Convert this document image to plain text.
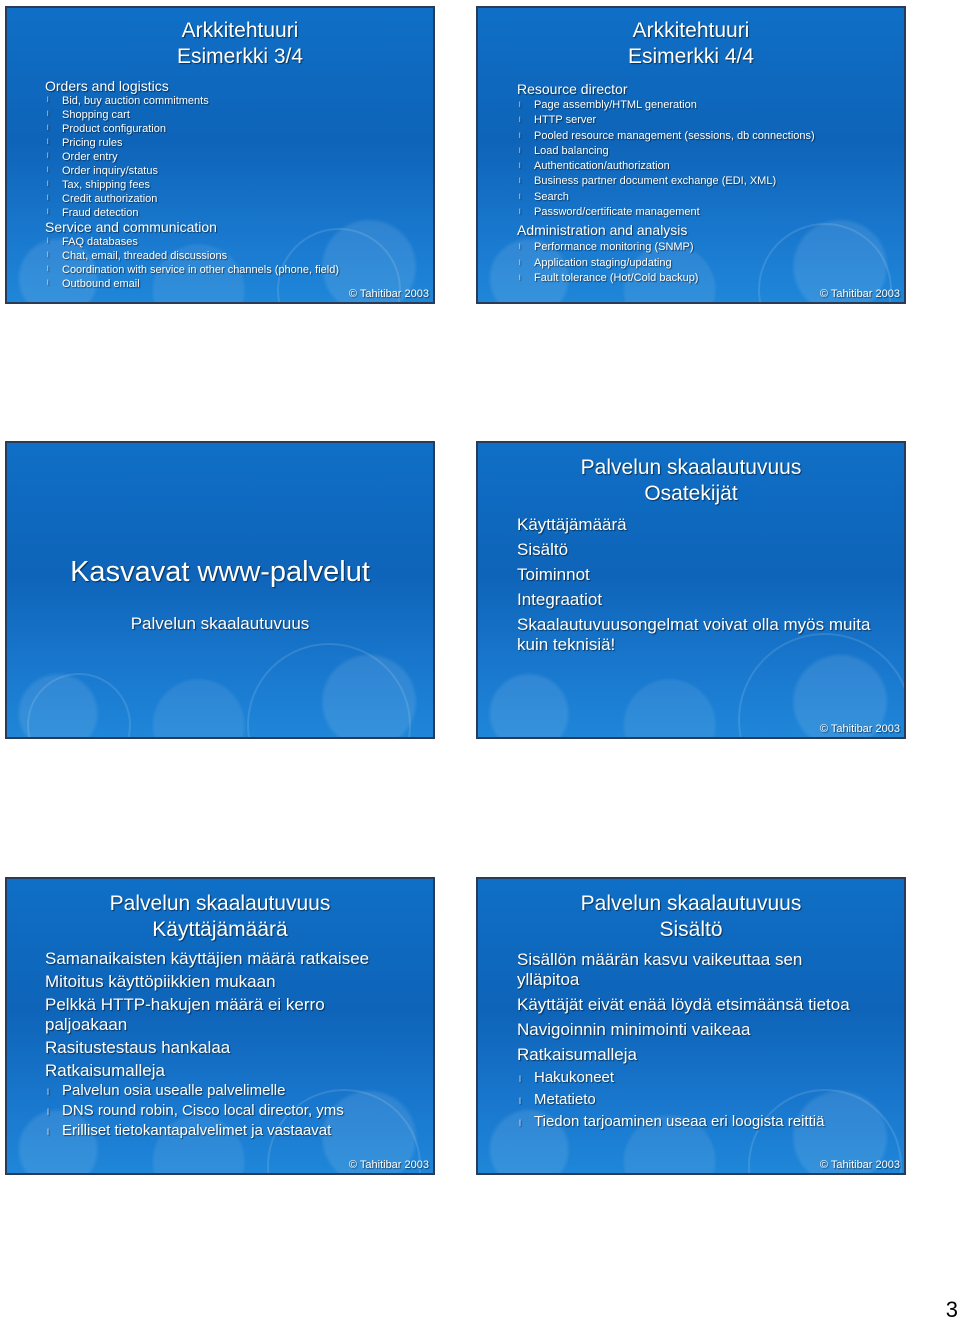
Arkkitehtuuri
Esimerkki 3/4
Orders and logistics
l Bid, buy auction commitments
l Shopping cart
l Product configuration
l Pricing rules
l Order entry
l Order inquiry/status
l Tax, shipping fees
l Credit authorization
l Fraud detection
Service and communication
l FAQ databases
l Chat, email, threaded discussions
l Coordination with service in other channels (phone, field)
l Outbound email
© Tahitibar 2003
Arkkitehtuuri
Esimerkki 4/4
Resource director
l Page assembly/HTML generation
l HTTP server
l Pooled resource management (sessions, db connections)
l Load balancing
l Authentication/authorization
l Business partner document exchange (EDI, XML)
l Search
l Password/certificate management
Administration and analysis
l Performance monitoring (SNMP)
l Application staging/updating
l Fault tolerance (Hot/Cold backup)
© Tahitibar 2003
Kasvavat www-palvelut
Palvelun skaalautuvuus
Palvelun skaalautuvuus
Osatekijät
Käyttäjämäärä
Sisältö
Toiminnot
Integraatiot
Skaalautuvuusongelmat voivat olla myös muita kuin teknisiä!
© Tahitibar 2003
Palvelun skaalautuvuus
Käyttäjämäärä
Samanaikaisten käyttäjien määrä ratkaisee
Mitoitus käyttöpiikkien mukaan
Pelkkä HTTP-hakujen määrä ei kerro paljoakaan
Rasitustestaus hankalaa
Ratkaisumalleja
l Palvelun osia usealle palvelimelle
l DNS round robin, Cisco local director, yms
l Erilliset tietokantapalvelimet ja vastaavat
© Tahitibar 2003
Palvelun skaalautuvuus
Sisältö
Sisällön määrän kasvu vaikeuttaa sen ylläpitoa
Käyttäjät eivät enää löydä etsimäänsä tietoa
Navigoinnin minimointi vaikeaa
Ratkaisumalleja
l Hakukoneet
l Metatieto
l Tiedon tarjoaminen useaa eri loogista reittiä
© Tahitibar 2003
3
